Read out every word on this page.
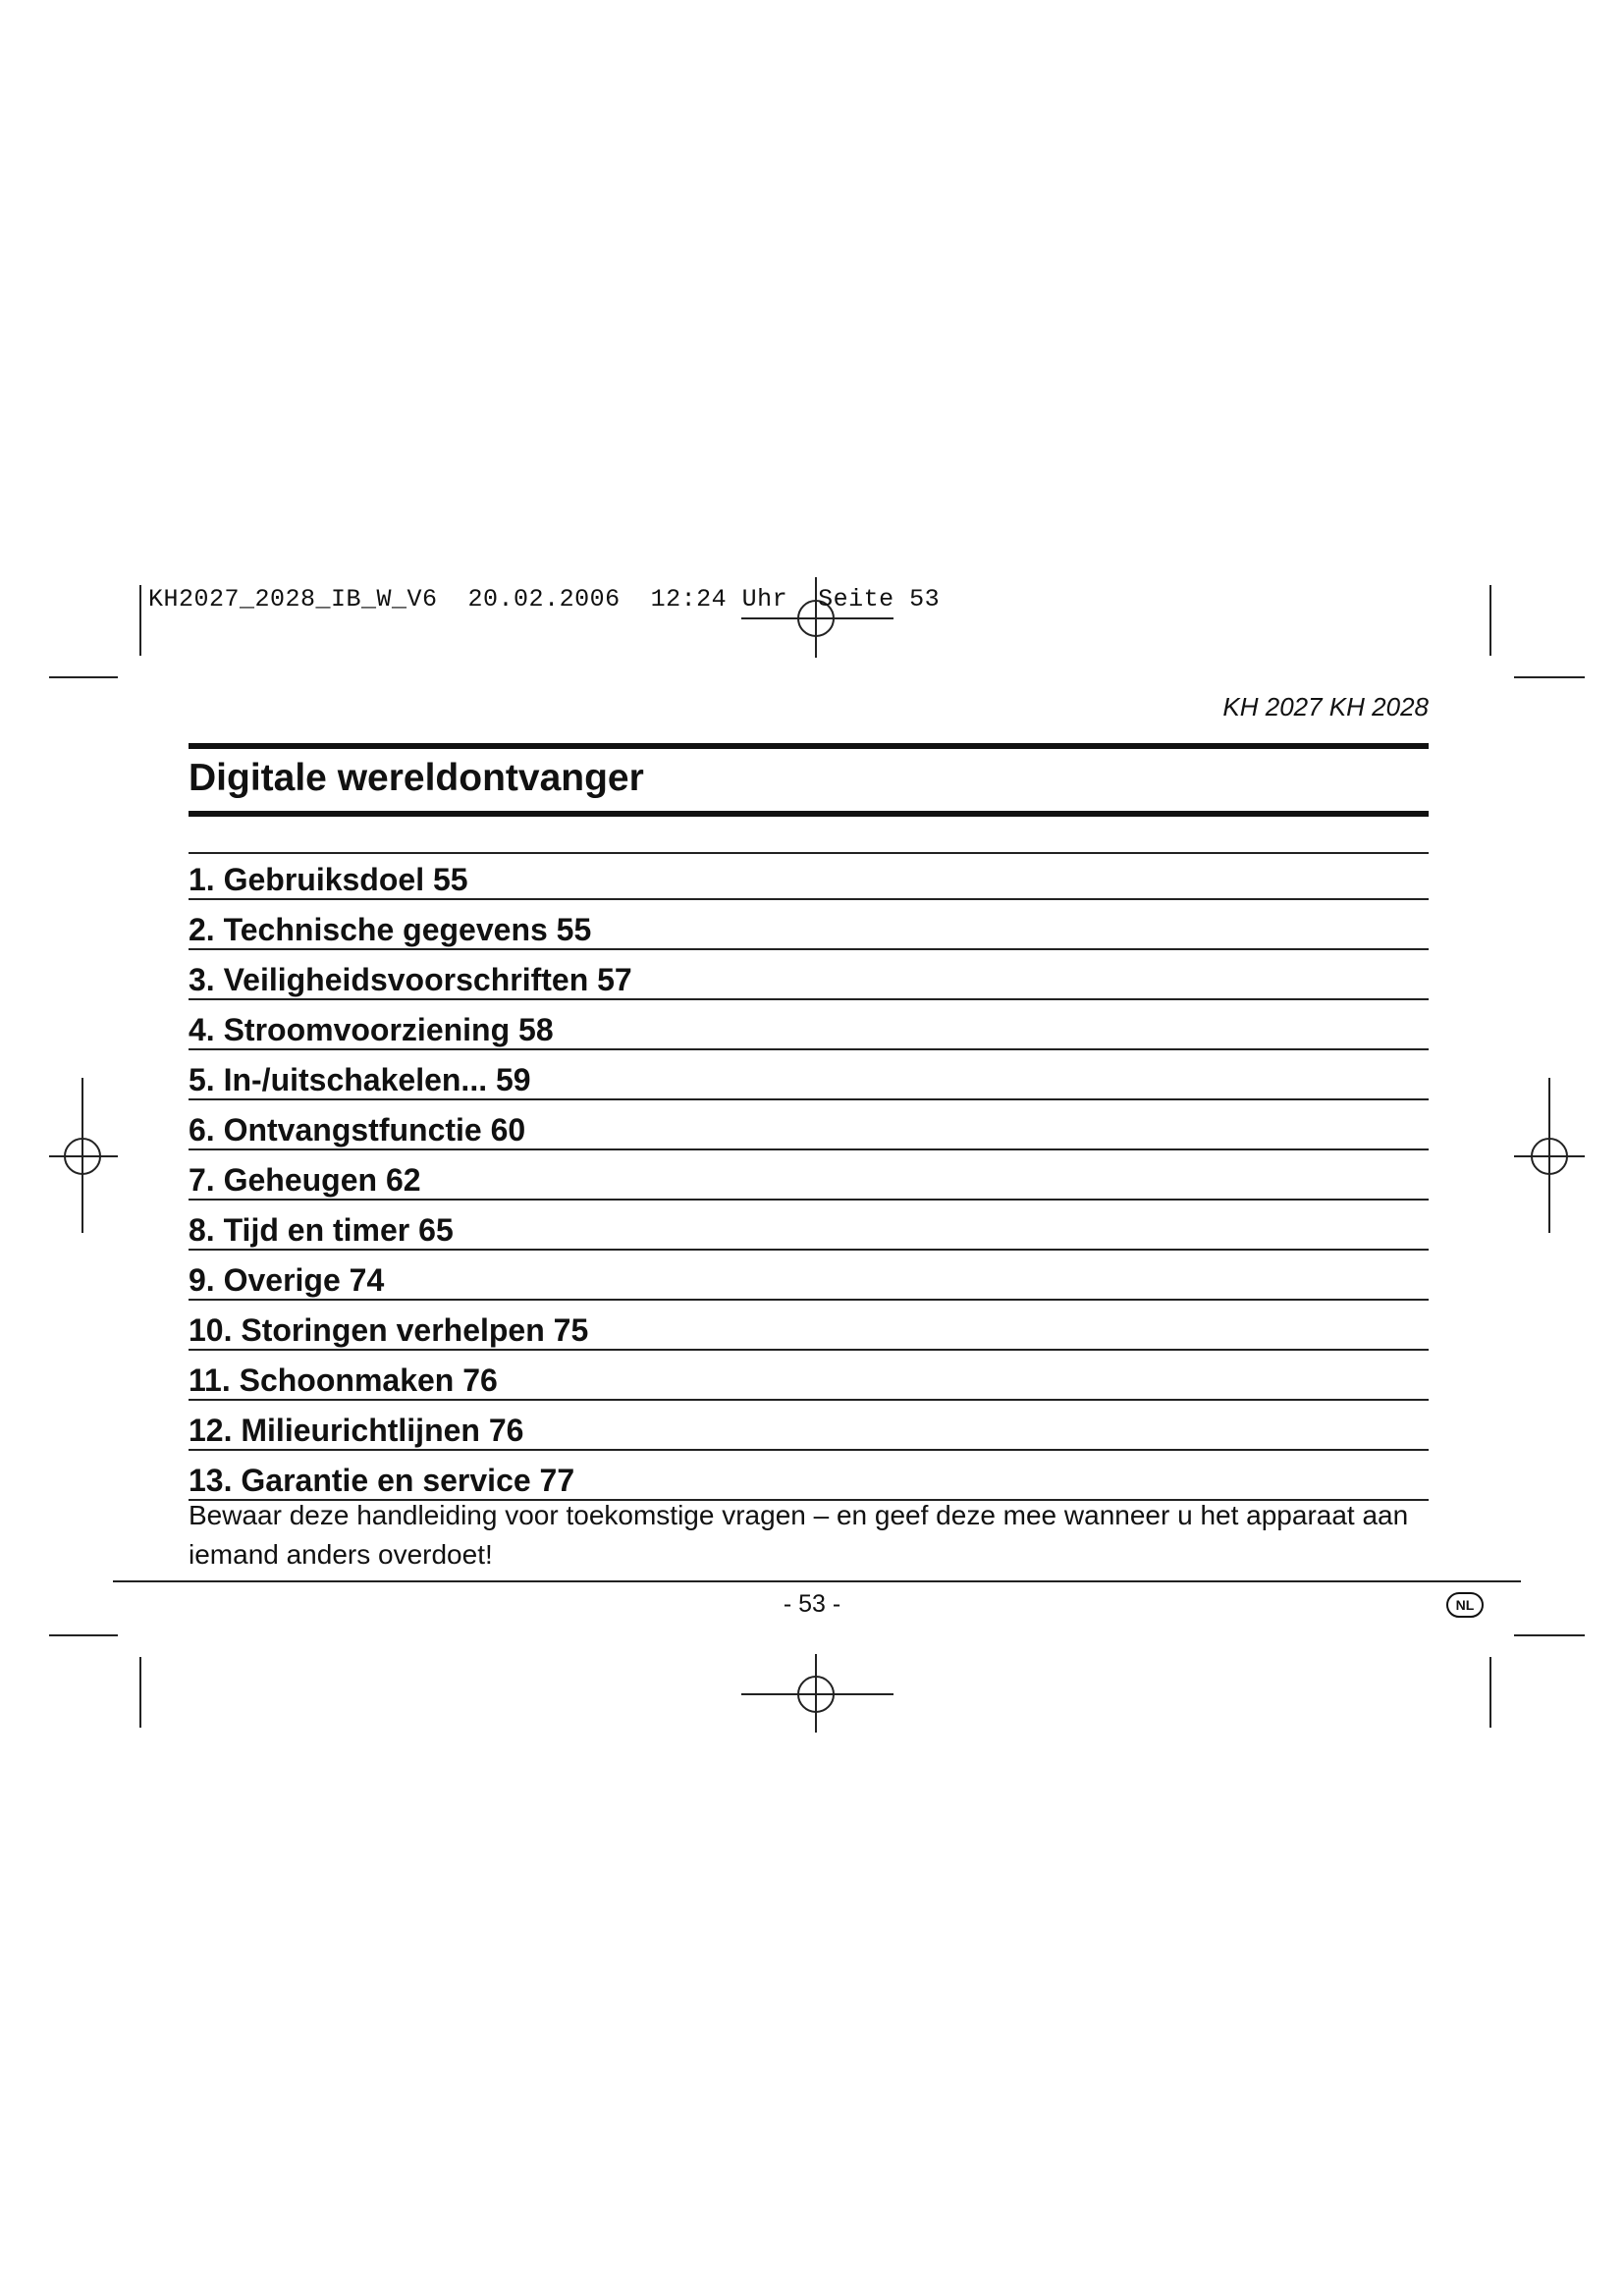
KH2027_2028_IB_W_V6  20.02.2006  12:24 Uhr  Seite 53
KH 2027 KH 2028
Digitale wereldontvanger
1. Gebruiksdoel 55
2. Technische gegevens 55
3. Veiligheidsvoorschriften 57
4. Stroomvoorziening 58
5. In-/uitschakelen... 59
6. Ontvangstfunctie 60
7. Geheugen 62
8. Tijd en timer 65
9. Overige 74
10. Storingen verhelpen 75
11. Schoonmaken 76
12. Milieurichtlijnen 76
13. Garantie en service 77
Bewaar deze handleiding voor toekomstige vragen – en geef deze mee wanneer u het apparaat aan iemand anders overdoet!
- 53 -	NL
